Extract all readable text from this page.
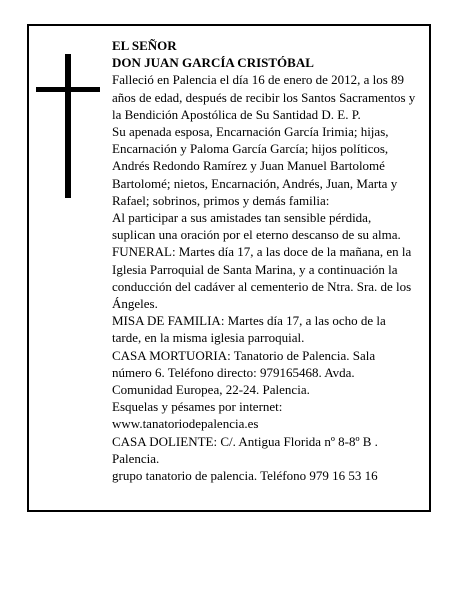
EL SEÑOR

DON JUAN GARCÍA CRISTÓBAL

Falleció en Palencia el día 16 de enero de 2012, a los 89 años de edad, después de recibir los Santos Sacramentos y la Bendición Apostólica de Su Santidad D. E. P.

Su apenada esposa, Encarnación García Irimia; hijas, Encarnación y Paloma García García; hijos políticos, Andrés Redondo Ramírez y Juan Manuel Bartolomé Bartolomé; nietos, Encarnación, Andrés, Juan, Marta y Rafael; sobrinos, primos y demás familia:

Al participar a sus amistades tan sensible pérdida, suplican una oración por el eterno descanso de su alma.

FUNERAL: Martes día 17, a las doce de la mañana, en la Iglesia Parroquial de Santa Marina, y a continuación la conducción del cadáver al cementerio de Ntra. Sra. de los Ángeles.

MISA DE FAMILIA: Martes día 17, a las ocho de la tarde, en la misma iglesia parroquial.

CASA MORTUORIA: Tanatorio de Palencia. Sala número 6. Teléfono directo: 979165468. Avda. Comunidad Europea, 22-24. Palencia.

Esquelas y pésames por internet: www.tanatoriodepalencia.es

CASA DOLIENTE: C/. Antigua Florida nº 8-8º B . Palencia.

grupo tanatorio de palencia. Teléfono 979 16 53 16
